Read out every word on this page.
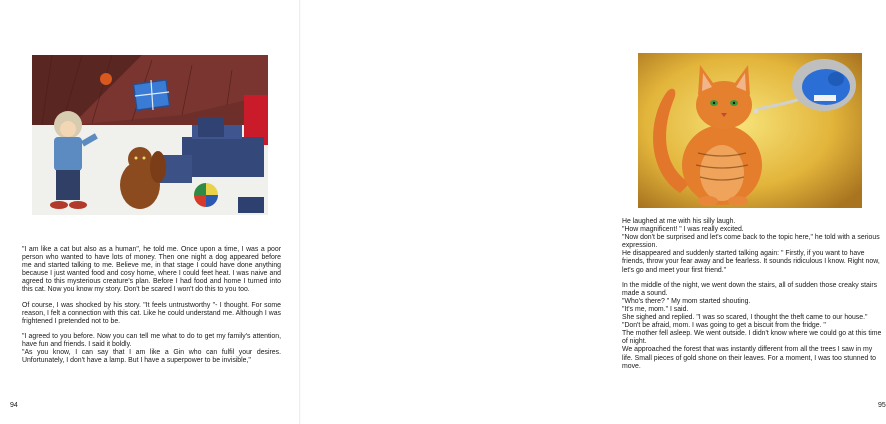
"I am like a cat but also as a human", he told me. Once upon a time, I was a poor person who wanted to have lots of money. Then one night a dog appeared before me and started talking to me. Believe me, in that stage I could have done anything because I just wanted food and cosy home, where I could feet heat. I was naive and agreed to this mysterious creature's plan. Before I had food and home I turned into this cat. Now you know my story. Don't be scared I won't do this to you too.

Of course, I was shocked by his story. "It feels untrustworthy "- I thought. For some reason, I felt a connection with this cat. Like he could understand me. Although I was frightened I pretended not to be.

"I agreed to you before. Now you can tell me what to do to get my family's attention, have fun and friends. I said it boldly.

"As you know, I can say that I am like a Gin who can fulfil your desires. Unfortunately, I don't have a lamp. But I have a superpower to be invisible,"

94

He laughed at me with his silly laugh.

"How magnificent! " I was really excited.

"Now don't be surprised and let's come back to the topic here," he told with a serious expression.

He disappeared and suddenly started talking again: " Firstly, if you want to have friends, throw your fear away and be fearless. It sounds ridiculous I know. Right now, let's go and meet your first friend."

In the middle of the night, we went down the stairs, all of sudden those creaky stairs made a sound.

"Who's there? " My mom started shouting.

"It's me, mom." I said.

She sighed and replied. "I was so scared, I thought the theft came to our house."

"Don't be afraid, mom. I was going to get a biscuit from the fridge. "

The mother fell asleep. We went outside. I didn't know where we could go at this time of night.

We approached the forest that was instantly different from all the trees I saw in my life. Small pieces of gold shone on their leaves. For a moment, I was too stunned to move.

95
